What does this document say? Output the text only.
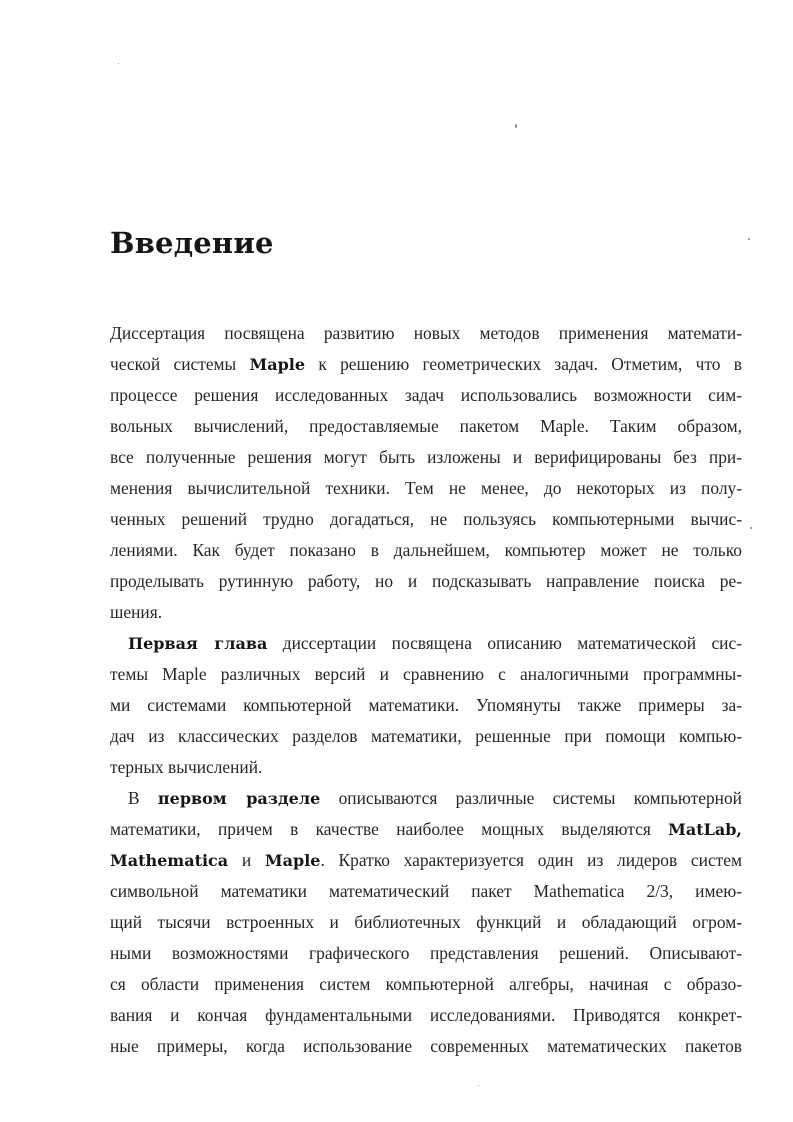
Введение
Диссертация посвящена развитию новых методов применения математи-
ческой системы Maple к решению геометрических задач. Отметим, что в
процессе решения исследованных задач использовались возможности сим-
вольных вычислений, предоставляемые пакетом Maple. Таким образом,
все полученные решения могут быть изложены и верифицированы без при-
менения вычислительной техники. Тем не менее, до некоторых из полу-
ченных решений трудно догадаться, не пользуясь компьютерными вычис-
лениями. Как будет показано в дальнейшем, компьютер может не только
проделывать рутинную работу, но и подсказывать направление поиска ре-
шения.
Первая глава диссертации посвящена описанию математической сис-
темы Maple различных версий и сравнению с аналогичными программны-
ми системами компьютерной математики. Упомянуты также примеры за-
дач из классических разделов математики, решенные при помощи компью-
терных вычислений.
В первом разделе описываются различные системы компьютерной
математики, причем в качестве наиболее мощных выделяются MatLab,
Mathematica и Maple. Кратко характеризуется один из лидеров систем
символьной математики математический пакет Mathematica 2/3, имею-
щий тысячи встроенных и библиотечных функций и обладающий огром-
ными возможностями графического представления решений. Описывают-
ся области применения систем компьютерной алгебры, начиная с образо-
вания и кончая фундаментальными исследованиями. Приводятся конкрет-
ные примеры, когда использование современных математических пакетов
